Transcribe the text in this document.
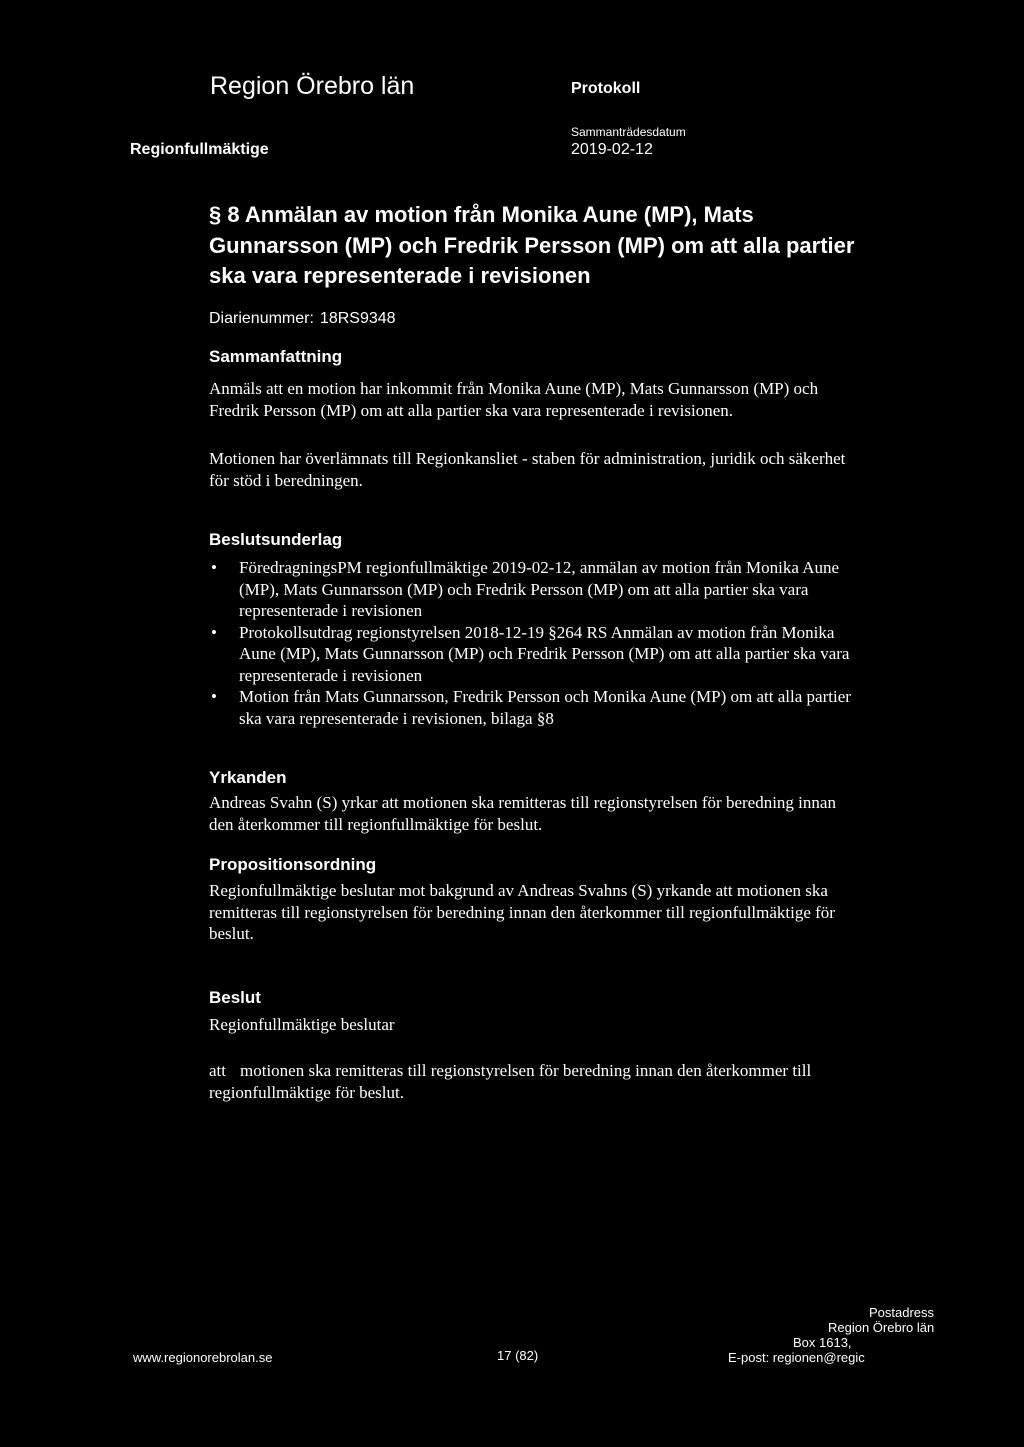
Region Örebro län	Protokoll
Sammanträdesdatum
Regionfullmäktige	2019-02-12
§ 8 Anmälan av motion från Monika Aune (MP), Mats Gunnarsson (MP) och Fredrik Persson (MP) om att alla partier ska vara representerade i revisionen
Diarienummer: 18RS9348
Sammanfattning
Anmäls att en motion har inkommit från Monika Aune (MP), Mats Gunnarsson (MP) och Fredrik Persson (MP) om att alla partier ska vara representerade i revisionen.
Motionen har överlämnats till Regionkansliet - staben för administration, juridik och säkerhet för stöd i beredningen.
Beslutsunderlag
• FöredragningsPM regionfullmäktige 2019-02-12, anmälan av motion från Monika Aune (MP), Mats Gunnarsson (MP) och Fredrik Persson (MP) om att alla partier ska vara representerade i revisionen
• Protokollsutdrag regionstyrelsen 2018-12-19 §264 RS Anmälan av motion från Monika Aune (MP), Mats Gunnarsson (MP) och Fredrik Persson (MP) om att alla partier ska vara representerade i revisionen
• Motion från Mats Gunnarsson, Fredrik Persson och Monika Aune (MP) om att alla partier ska vara representerade i revisionen, bilaga §8
Yrkanden
Andreas Svahn (S) yrkar att motionen ska remitteras till regionstyrelsen för beredning innan den återkommer till regionfullmäktige för beslut.
Propositionsordning
Regionfullmäktige beslutar mot bakgrund av Andreas Svahns (S) yrkande att motionen ska remitteras till regionstyrelsen för beredning innan den återkommer till regionfullmäktige för beslut.
Beslut
Regionfullmäktige beslutar
att motionen ska remitteras till regionstyrelsen för beredning innan den återkommer till regionfullmäktige för beslut.
Postadress
Region Örebro län
Box 1613,
www.regionorebrolan.se	17 (82)	E-post: regionen@regic
